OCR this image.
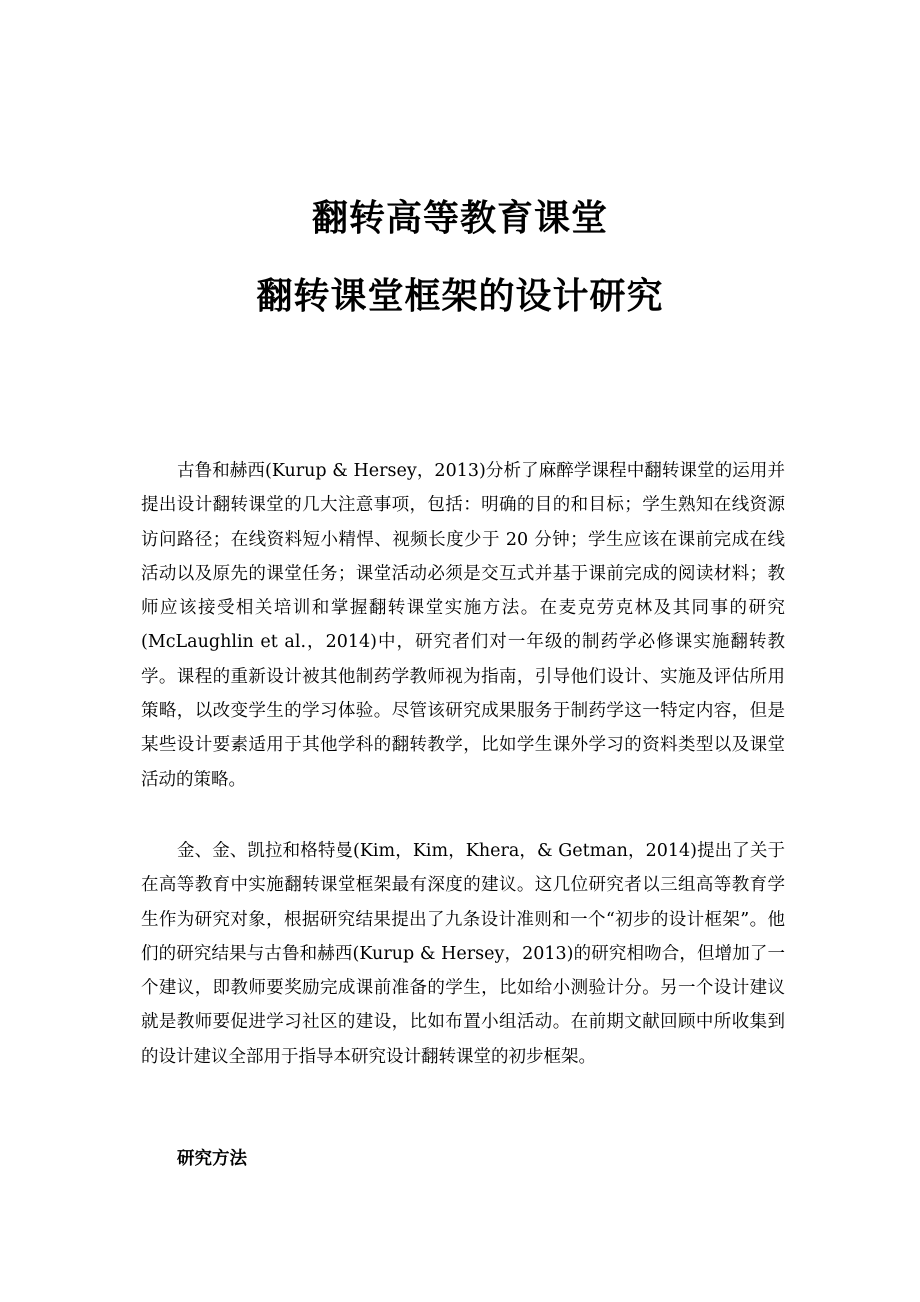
翻转高等教育课堂
翻转课堂框架的设计研究

古鲁和赫西(Kurup & Hersey，2013)分析了麻醉学课程中翻转课堂的运用并提出设计翻转课堂的几大注意事项，包括：明确的目的和目标；学生熟知在线资源访问路径；在线资料短小精悍、视频长度少于 20 分钟；学生应该在课前完成在线活动以及原先的课堂任务；课堂活动必须是交互式并基于课前完成的阅读材料；教师应该接受相关培训和掌握翻转课堂实施方法。在麦克劳克林及其同事的研究(McLaughlin et al.，2014)中，研究者们对一年级的制药学必修课实施翻转教学。课程的重新设计被其他制药学教师视为指南，引导他们设计、实施及评估所用策略，以改变学生的学习体验。尽管该研究成果服务于制药学这一特定内容，但是某些设计要素适用于其他学科的翻转教学，比如学生课外学习的资料类型以及课堂活动的策略。

金、金、凯拉和格特曼(Kim，Kim，Khera，& Getman，2014)提出了关于在高等教育中实施翻转课堂框架最有深度的建议。这几位研究者以三组高等教育学生作为研究对象，根据研究结果提出了九条设计准则和一个“初步的设计框架”。他们的研究结果与古鲁和赫西(Kurup & Hersey，2013)的研究相吻合，但增加了一个建议，即教师要奖励完成课前准备的学生，比如给小测验计分。另一个设计建议就是教师要促进学习社区的建设，比如布置小组活动。在前期文献回顾中所收集到的设计建议全部用于指导本研究设计翻转课堂的初步框架。

研究方法
